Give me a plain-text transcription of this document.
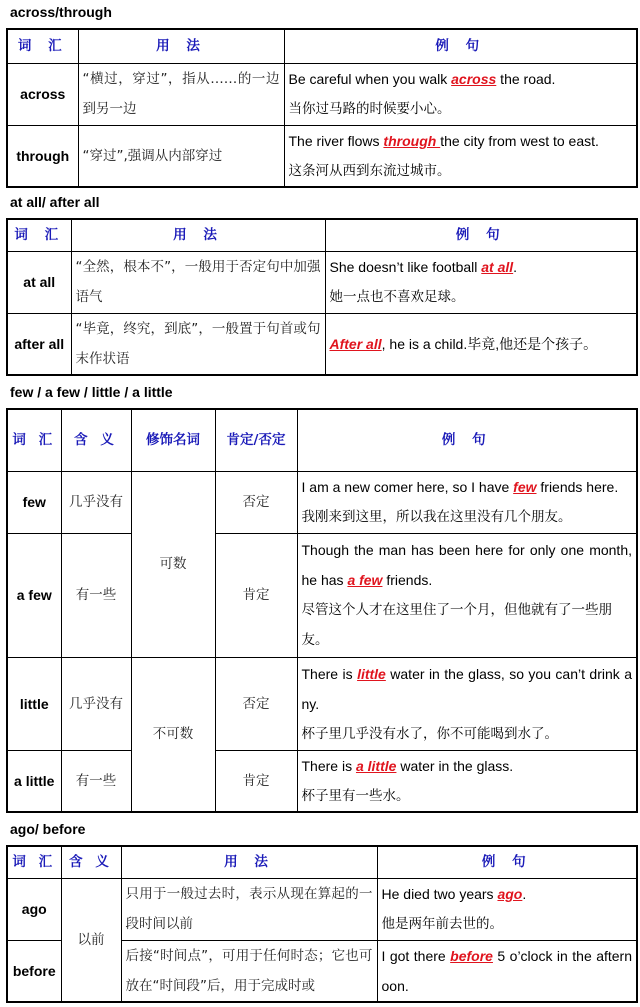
across/through
词 汇	用 法	例 句
across	“横过，穿过”，指从……的一边到另一边	Be careful when you walk across the road.
当你过马路的时候要小心。

through	“穿过”,强调从内部穿过	The river flows through the city from west to east.
这条河从西到东流过城市。
at all/ after all
词 汇	用 法	例 句
at all	“全然，根本不”，一般用于否定句中加强语气	She doesn’t like football at all.
她一点也不喜欢足球。

after all	“毕竟，终究，到底”，一般置于句首或句末作状语	After all, he is a child.毕竟,他还是个孩子。
few / a few / little / a little
词 汇	含 义	修饰名词	肯定/否定	例 句
few	几乎没有	可数	否定	I am a new comer here, so I have few friends here.
我刚来到这里，所以我在这里没有几个朋友。

a few	有一些		肯定	Though the man has been here for only one month, he has a few friends.
尽管这个人才在这里住了一个月，但他就有了一些朋友。

little	几乎没有	不可数	否定	There is little water in the glass, so you can’t drink any.
杯子里几乎没有水了，你不可能喝到水了。

a little	有一些		肯定	There is a little water in the glass.
杯子里有一些水。
ago/ before
词 汇	含 义	用 法	例 句
ago	以前	只用于一般过去时，表示从现在算起的一段时间以前	He died two years ago.
他是两年前去世的。

before		后接“时间点”，可用于任何时态；它也可放在“时间段”后，用于完成时或	I got there before 5 o’clock in the afternoon.
